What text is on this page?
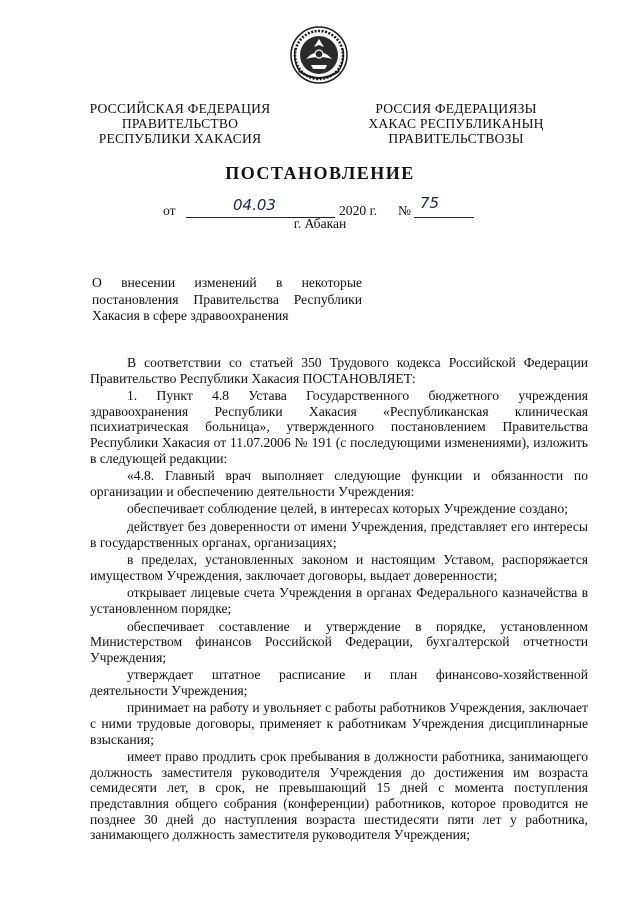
РОССИЙСКАЯ ФЕДЕРАЦИЯ
ПРАВИТЕЛЬСТВО
РЕСПУБЛИКИ ХАКАСИЯ
РОССИЯ ФЕДЕРАЦИЯЗЫ
ХАКАС РЕСПУБЛИКАНЫҢ
ПРАВИТЕЛЬСТВОЗЫ
ПОСТАНОВЛЕНИЕ
от	04.03	2020 г. № 75
г. Абакан
О внесении изменений в некоторые
постановления Правительства Республики
Хакасия в сфере здравоохранения

В соответствии со статьей 350 Трудового кодекса Российской Федерации Правительство Республики Хакасия ПОСТАНОВЛЯЕТ:

1. Пункт 4.8 Устава Государственного бюджетного учреждения здравоохранения Республики Хакасия «Республиканская клиническая психиатрическая больница», утвержденного постановлением Правительства Республики Хакасия от 11.07.2006 № 191 (с последующими изменениями), изложить в следующей редакции:

«4.8. Главный врач выполняет следующие функции и обязанности по организации и обеспечению деятельности Учреждения:

обеспечивает соблюдение целей, в интересах которых Учреждение создано;

действует без доверенности от имени Учреждения, представляет его интересы в государственных органах, организациях;

в пределах, установленных законом и настоящим Уставом, распоряжается имуществом Учреждения, заключает договоры, выдает доверенности;

открывает лицевые счета Учреждения в органах Федерального казначейства в установленном порядке;

обеспечивает составление и утверждение в порядке, установленном Министерством финансов Российской Федерации, бухгалтерской отчетности Учреждения;

утверждает штатное расписание и план финансово-хозяйственной деятельности Учреждения;

принимает на работу и увольняет с работы работников Учреждения, заключает с ними трудовые договоры, применяет к работникам Учреждения дисциплинарные взыскания;

имеет право продлить срок пребывания в должности работника, занимающего должность заместителя руководителя Учреждения до достижения им возраста семидесяти лет, в срок, не превышающий 15 дней с момента поступления представлния общего собрания (конференции) работников, которое проводится не позднее 30 дней до наступления возраста шестидесяти пяти лет у работника, занимающего должность заместителя руководителя Учреждения;
